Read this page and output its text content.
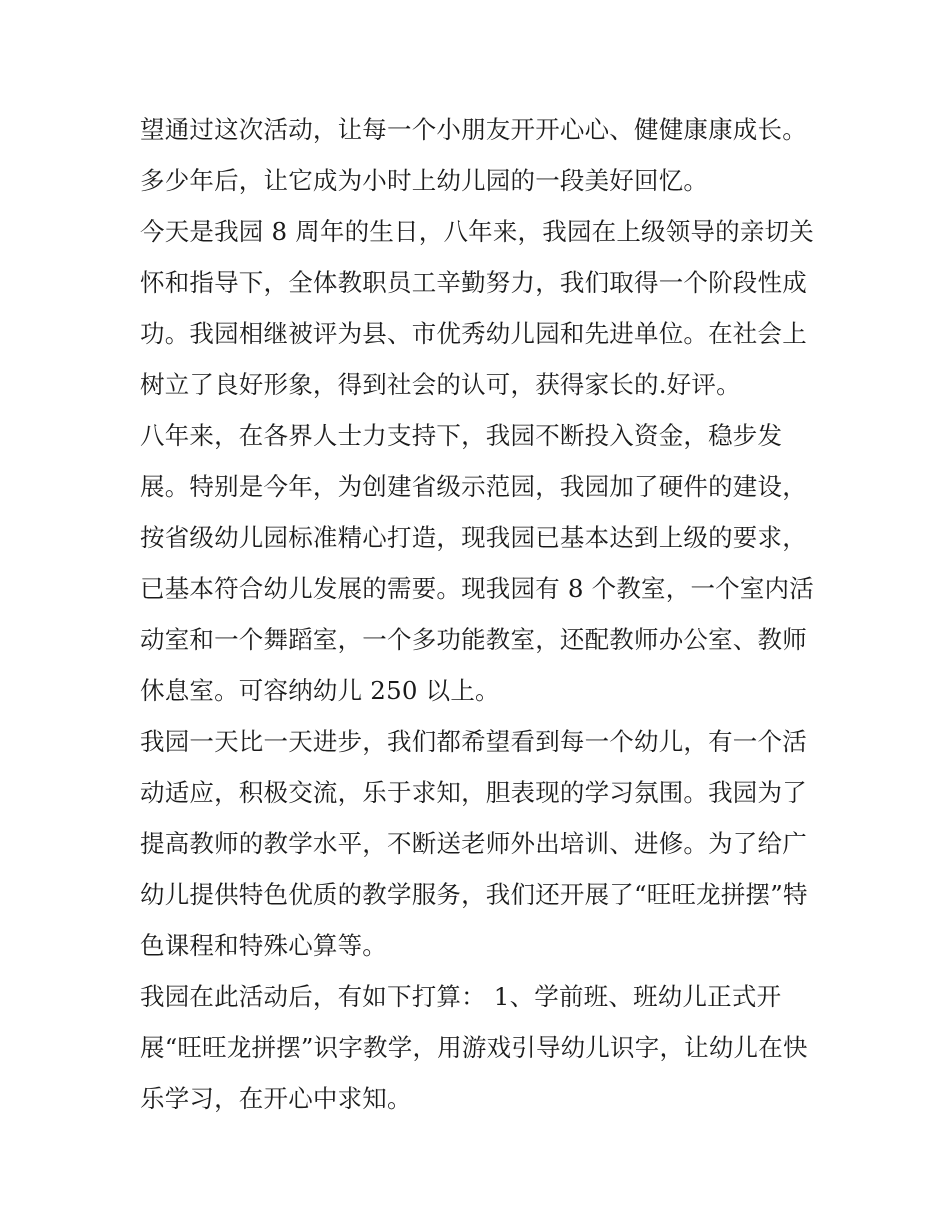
望通过这次活动，让每一个小朋友开开心心、健健康康成长。
多少年后，让它成为小时上幼儿园的一段美好回忆。
今天是我园 8 周年的生日，八年来，我园在上级领导的亲切关
怀和指导下，全体教职员工辛勤努力，我们取得一个阶段性成
功。我园相继被评为县、市优秀幼儿园和先进单位。在社会上
树立了良好形象，得到社会的认可，获得家长的.好评。
八年来，在各界人士力支持下，我园不断投入资金，稳步发
展。特别是今年，为创建省级示范园，我园加了硬件的建设，
按省级幼儿园标准精心打造，现我园已基本达到上级的要求，
已基本符合幼儿发展的需要。现我园有 8 个教室，一个室内活
动室和一个舞蹈室，一个多功能教室，还配教师办公室、教师
休息室。可容纳幼儿 250 以上。
我园一天比一天进步，我们都希望看到每一个幼儿，有一个活
动适应，积极交流，乐于求知，胆表现的学习氛围。我园为了
提高教师的教学水平，不断送老师外出培训、进修。为了给广
幼儿提供特色优质的教学服务，我们还开展了“旺旺龙拼摆”特
色课程和特殊心算等。
我园在此活动后，有如下打算： 1、学前班、班幼儿正式开
展“旺旺龙拼摆”识字教学，用游戏引导幼儿识字，让幼儿在快
乐学习，在开心中求知。
